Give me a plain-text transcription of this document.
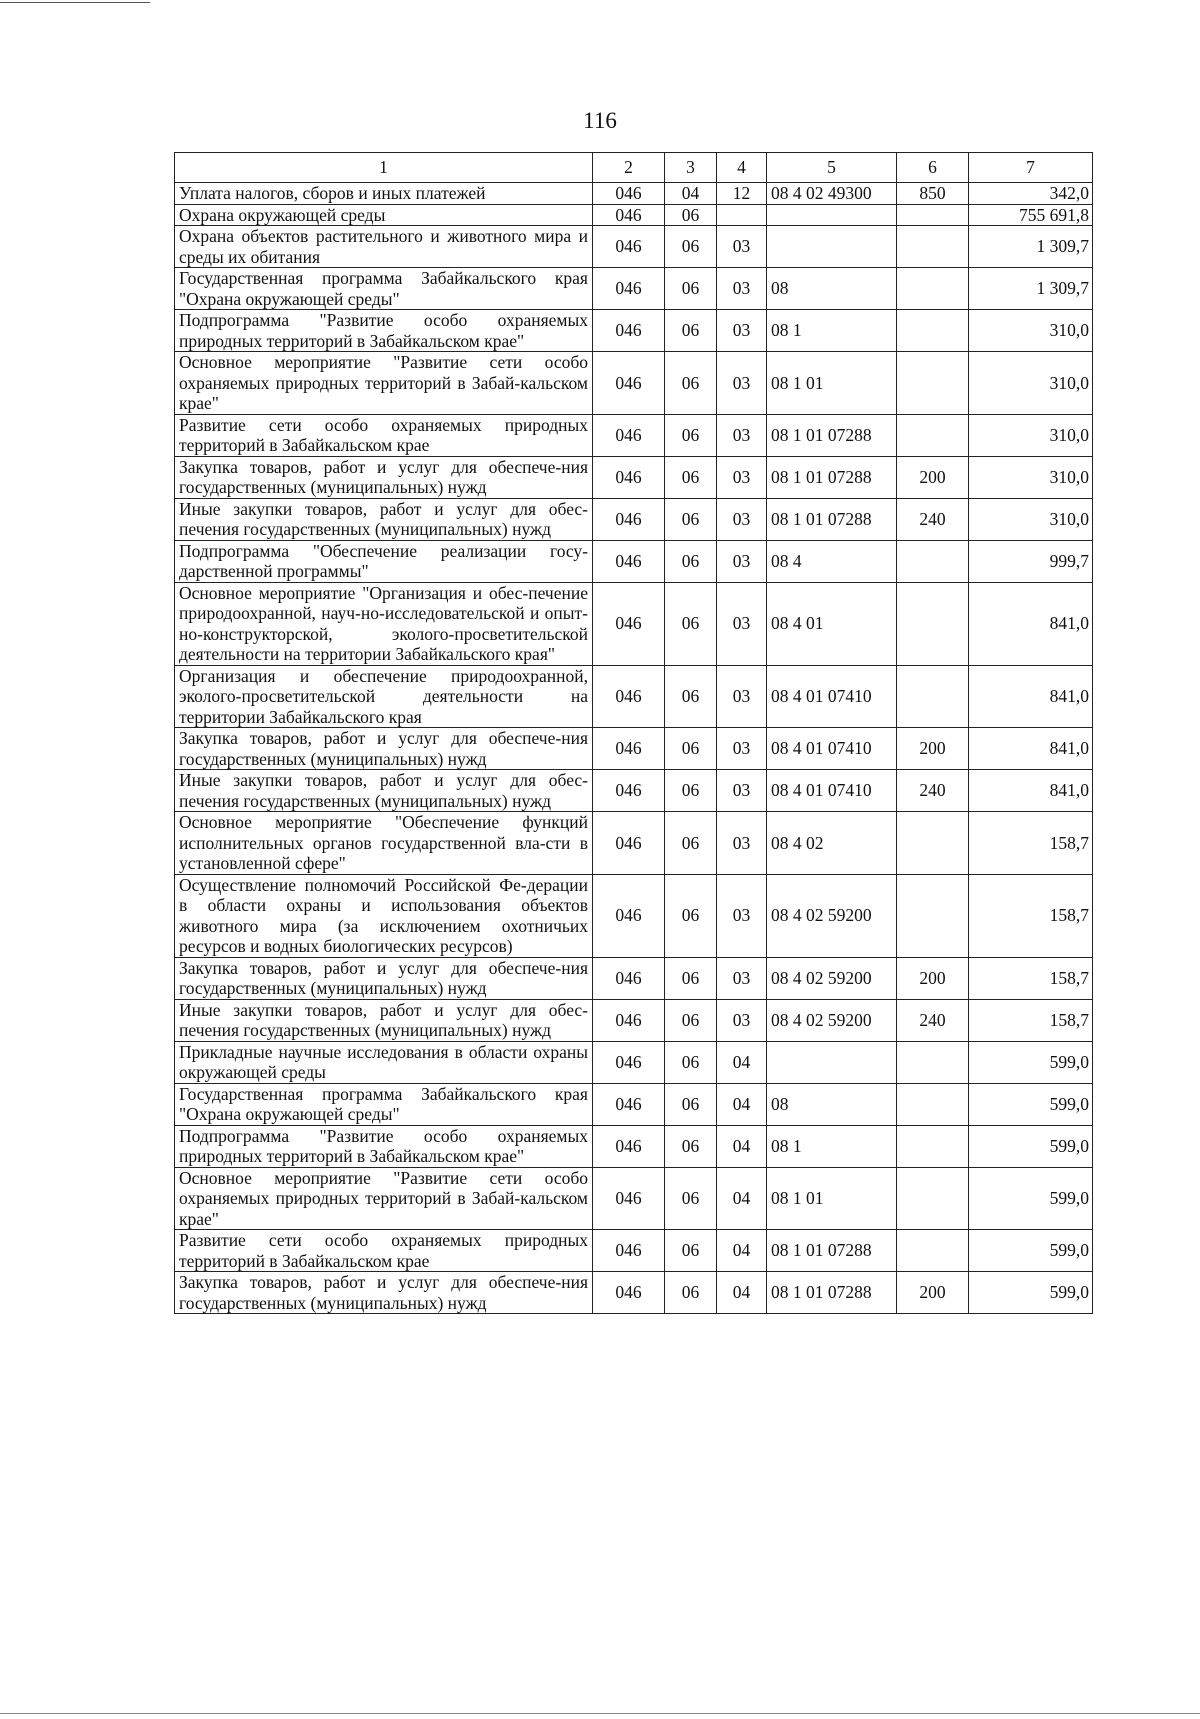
116
1	2	3	4	5	6	7
Уплата налогов, сборов и иных платежей	046	04	12	08 4 02 49300	850	342,0
Охрана окружающей среды	046	06				755 691,8
Охрана объектов растительного и животного мира и среды их обитания	046	06	03			1 309,7
Государственная программа Забайкальского края "Охрана окружающей среды"	046	06	03	08		1 309,7
Подпрограмма "Развитие особо охраняемых природных территорий в Забайкальском крае"	046	06	03	08 1		310,0
Основное мероприятие "Развитие сети особо охраняемых природных территорий в Забай-кальском крае"	046	06	03	08 1 01		310,0
Развитие сети особо охраняемых природных территорий в Забайкальском крае	046	06	03	08 1 01 07288		310,0
Закупка товаров, работ и услуг для обеспече-ния государственных (муниципальных) нужд	046	06	03	08 1 01 07288	200	310,0
Иные закупки товаров, работ и услуг для обес-печения государственных (муниципальных) нужд	046	06	03	08 1 01 07288	240	310,0
Подпрограмма "Обеспечение реализации госу-дарственной программы"	046	06	03	08 4		999,7
Основное мероприятие "Организация и обес-печение природоохранной, науч-но-исследовательской и опыт-но-конструкторской, эколого-просветительской деятельности на территории Забайкальского края"	046	06	03	08 4 01		841,0
Организация и обеспечение природоохранной, эколого-просветительской деятельности на территории Забайкальского края	046	06	03	08 4 01 07410		841,0
Закупка товаров, работ и услуг для обеспече-ния государственных (муниципальных) нужд	046	06	03	08 4 01 07410	200	841,0
Иные закупки товаров, работ и услуг для обес-печения государственных (муниципальных) нужд	046	06	03	08 4 01 07410	240	841,0
Основное мероприятие "Обеспечение функций исполнительных органов государственной вла-сти в установленной сфере"	046	06	03	08 4 02		158,7
Осуществление полномочий Российской Фе-дерации в области охраны и использования объектов животного мира (за исключением охотничьих ресурсов и водных биологических ресурсов)	046	06	03	08 4 02 59200		158,7
Закупка товаров, работ и услуг для обеспече-ния государственных (муниципальных) нужд	046	06	03	08 4 02 59200	200	158,7
Иные закупки товаров, работ и услуг для обес-печения государственных (муниципальных) нужд	046	06	03	08 4 02 59200	240	158,7
Прикладные научные исследования в области охраны окружающей среды	046	06	04			599,0
Государственная программа Забайкальского края "Охрана окружающей среды"	046	06	04	08		599,0
Подпрограмма "Развитие особо охраняемых природных территорий в Забайкальском крае"	046	06	04	08 1		599,0
Основное мероприятие "Развитие сети особо охраняемых природных территорий в Забай-кальском крае"	046	06	04	08 1 01		599,0
Развитие сети особо охраняемых природных территорий в Забайкальском крае	046	06	04	08 1 01 07288		599,0
Закупка товаров, работ и услуг для обеспече-ния государственных (муниципальных) нужд	046	06	04	08 1 01 07288	200	599,0
